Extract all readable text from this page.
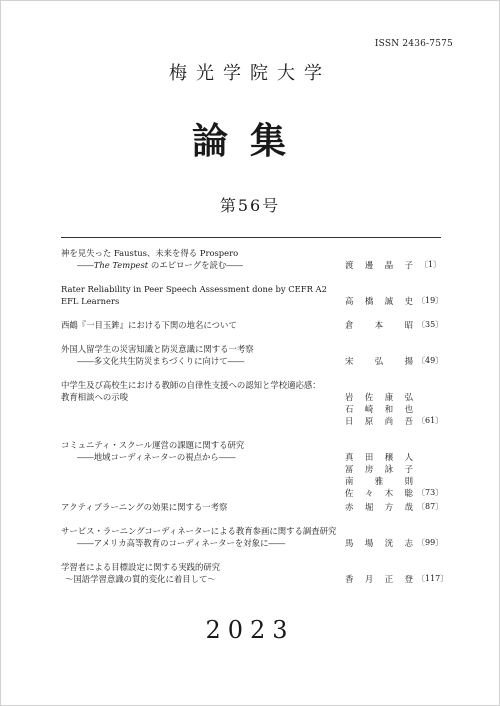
ISSN 2436-7575
梅光学院大学
論集
第56号
神を見失った Faustus、未来を得る Prospero
――The Tempest のエピローグを読む――	渡邊晶子 〔1〕
Rater Reliability in Peer Speech Assessment done by CEFR A2
EFL Learners	高橋誠史 〔19〕
西鶴『一目玉鉾』における下関の地名について	倉本昭 〔35〕
外国人留学生の災害知識と防災意識に関する一考察
――多文化共生防災まちづくりに向けて――	宋弘揚 〔49〕
中学生及び高校生における教師の自律性支援への認知と学校適応感：
教育相談への示唆	岩佐康弘
石崎和也
日原尚吾 〔61〕
コミュニティ・スクール運営の課題に関する研究
――地域コーディネーターの視点から――	真田穣人
冨房詠子
南雅則
佐々木聡 〔73〕
アクティブラーニングの効果に関する一考察	赤堀方哉 〔87〕
サービス・ラーニングコーディネーターによる教育参画に関する調査研究
――アメリカ高等教育のコーディネーターを対象に――	馬場洸志 〔99〕
学習者による目標設定に関する実践的研究
〜国語学習意識の質的変化に着目して〜	香月正登 〔117〕
2023
